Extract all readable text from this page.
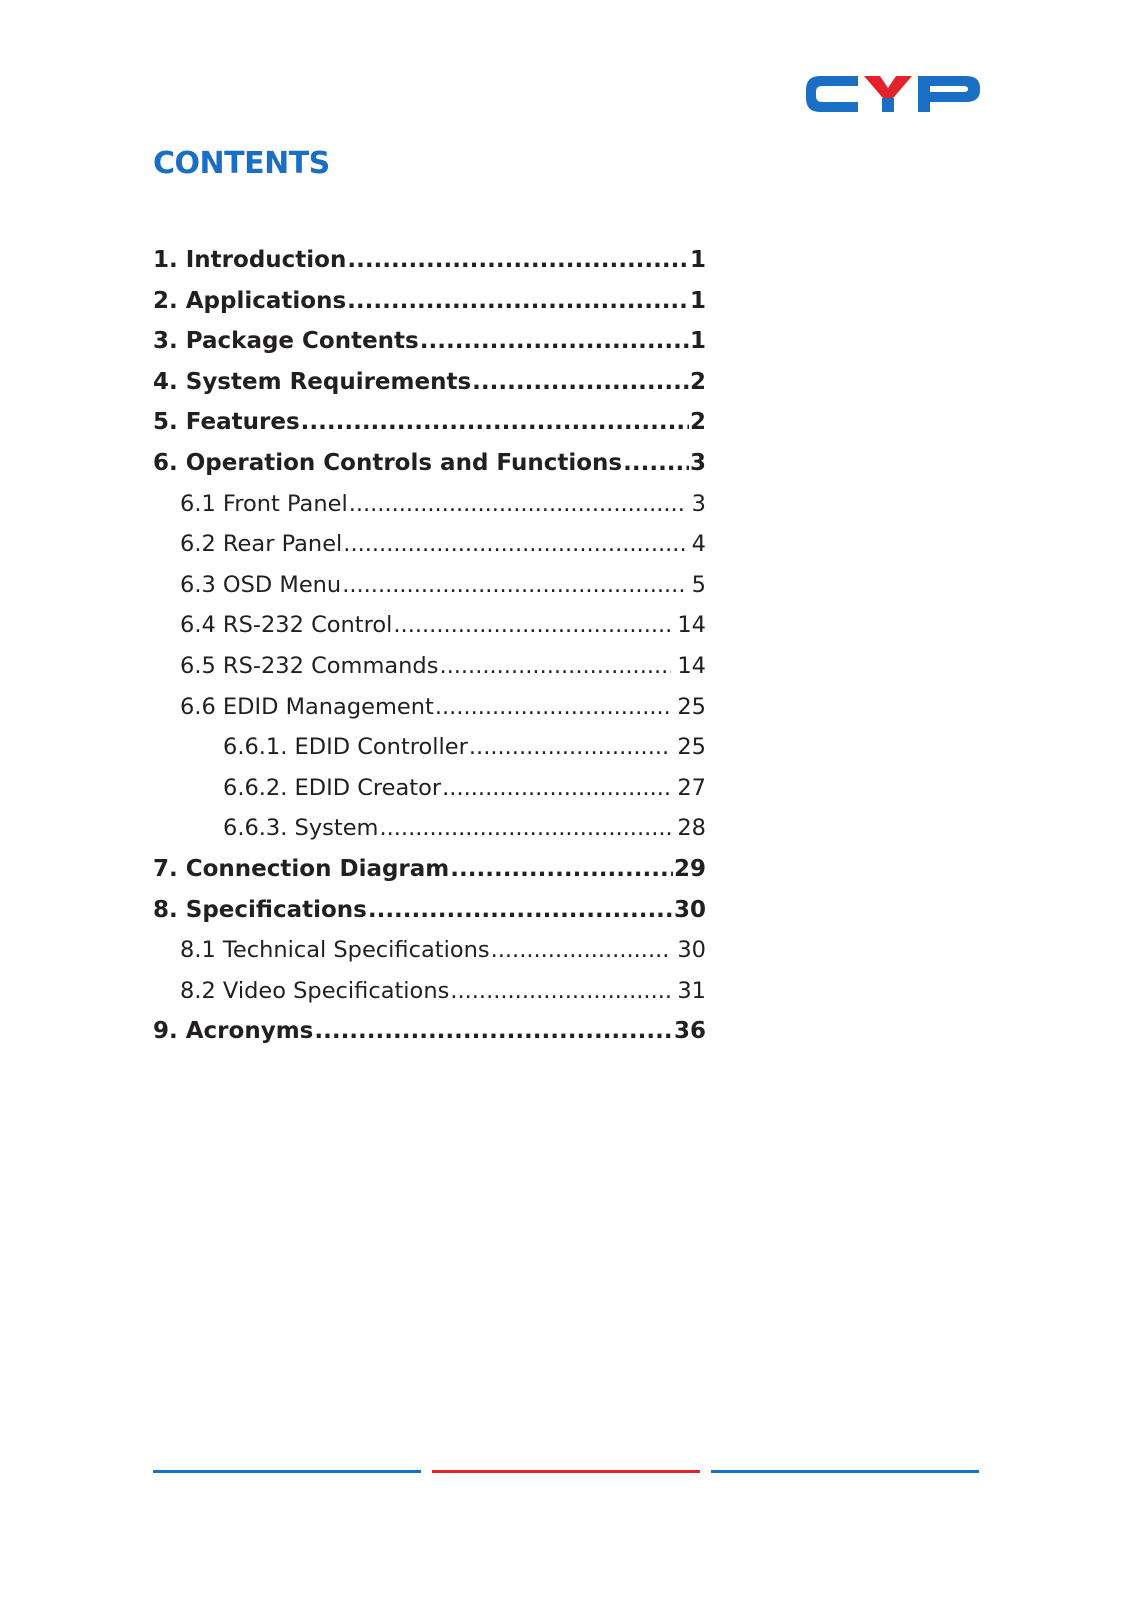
CONTENTS
1. Introduction .....	1
2. Applications .....	1
3. Package Contents .....	1
4. System Requirements .....	2
5. Features .....	2
6. Operation Controls and Functions .....	3
6.1 Front Panel .....	3
6.2 Rear Panel .....	4
6.3 OSD Menu .....	5
6.4 RS-232 Control .....	14
6.5 RS-232 Commands .....	14
6.6 EDID Management .....	25
6.6.1. EDID Controller .....	25
6.6.2. EDID Creator .....	27
6.6.3. System .....	28
7. Connection Diagram .....	29
8. Specifications .....	30
8.1 Technical Specifications .....	30
8.2 Video Specifications .....	31
9. Acronyms .....	36
